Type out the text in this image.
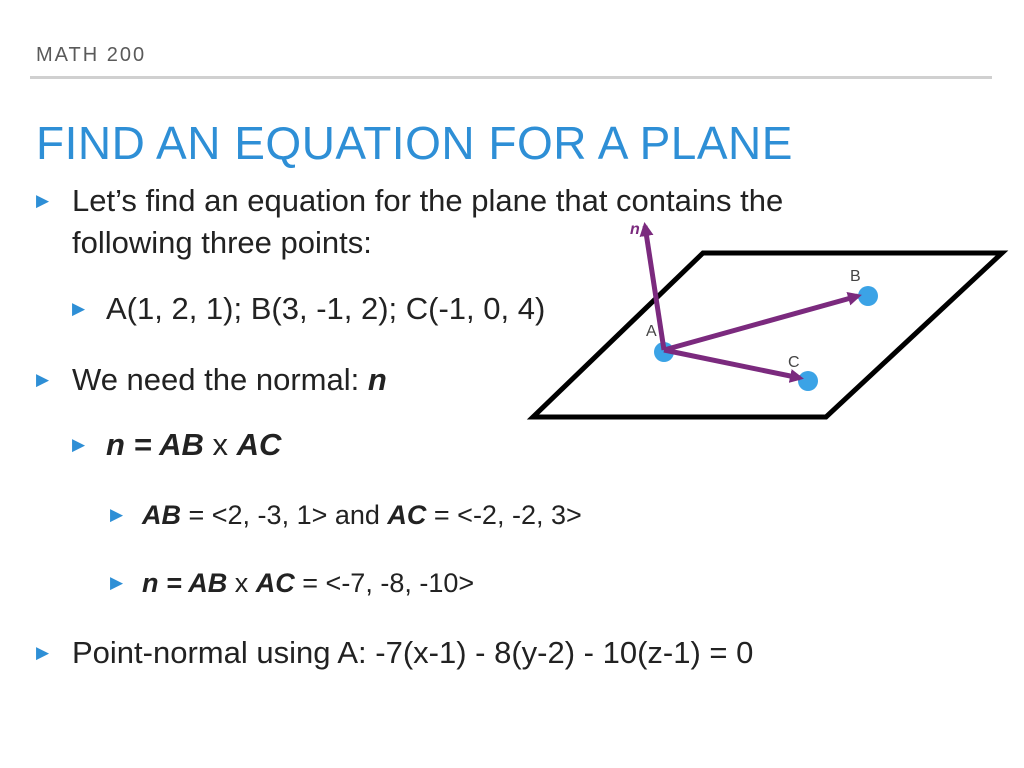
MATH 200
FIND AN EQUATION FOR A PLANE
▶ Let’s find an equation for the plane that contains the
following three points:
▶ A(1, 2, 1); B(3, -1, 2); C(-1, 0, 4)
▶ We need the normal: n
▶ n = AB x AC
▶ AB = <2, -3, 1> and AC = <-2, -2, 3>
▶ n = AB x AC = <-7, -8, -10>
▶ Point-normal using A: -7(x-1) - 8(y-2) - 10(z-1) = 0
n
A
B
C
